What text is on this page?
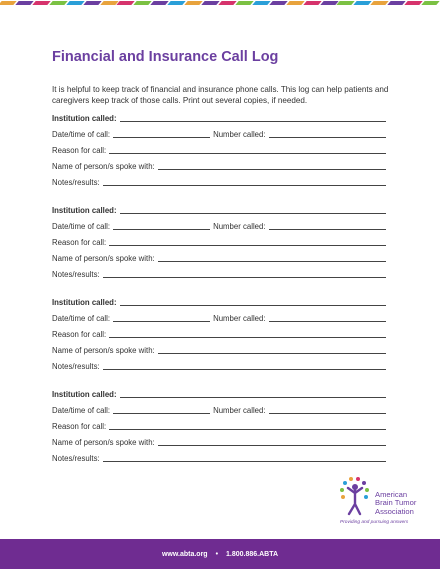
Financial and Insurance Call Log

It is helpful to keep track of financial and insurance phone calls. This log can help patients and caregivers keep track of those calls. Print out several copies, if needed.

Institution called:
Date/time of call:	Number called:
Reason for call:
Name of person/s spoke with:
Notes/results:
Institution called:
Date/time of call:	Number called:
Reason for call:
Name of person/s spoke with:
Notes/results:
Institution called:
Date/time of call:	Number called:
Reason for call:
Name of person/s spoke with:
Notes/results:
Institution called:
Date/time of call:	Number called:
Reason for call:
Name of person/s spoke with:
Notes/results:
American
Brain Tumor
Association
Providing and pursuing answers
www.abta.org • 1.800.886.ABTA
